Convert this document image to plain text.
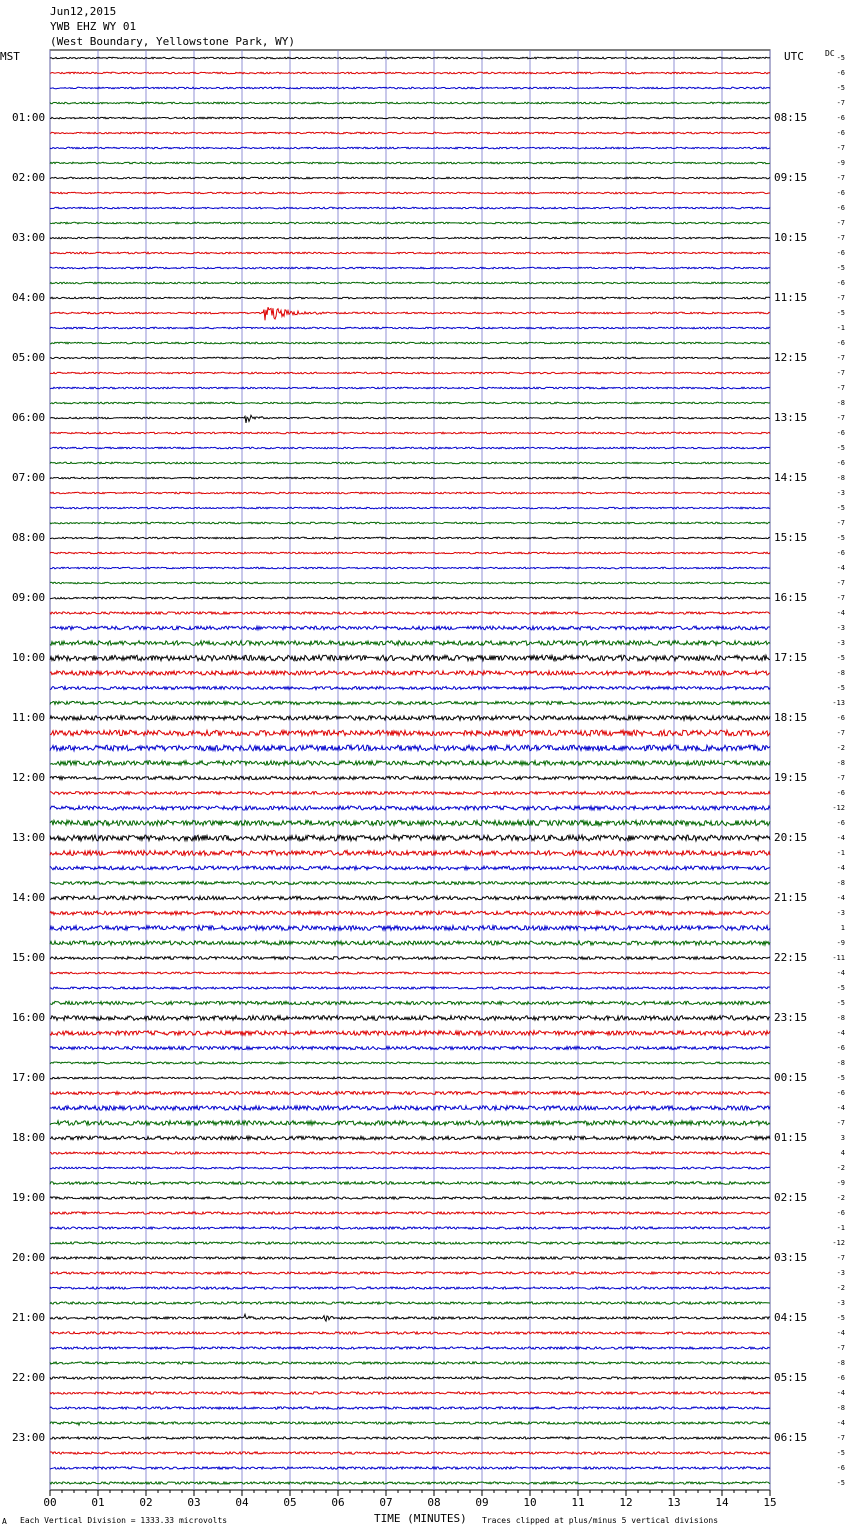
Jun12,2015
YWB EHZ WY 01
(West Boundary, Yellowstone Park, WY)
MST	UTC	DC
00	01	02	03	04	05	06	07	08	09	10	11	12	13	14	15
-5
-6
-5
-7
-6
-6
-7
-9
-7
-6
-6
-7
-7
-6
-5
-6
-7
-5
-1
-6
-7
-7
-7
-8
-7
-6
-5
-6
-8
-3
-5
-7
-5
-6
-4
-7
-7
-4
-3
-3
-5
-8
-5
-13
-6
-7
-2
-8
-7
-6
-12
-6
-4
-1
-4
-8
-4
-3
1
-9
-11
-4
-5
-5
-8
-4
-6
-8
-5
-6
-4
-7
3
4
-2
-9
-2
-6
-1
-12
-7
-3
-2
-3
-5
-4
-7
-8
-6
-4
-8
-4
-7
-5
-6
-5
01:00
02:00
03:00
04:00
05:00
06:00
07:00
08:00
09:00
10:00
11:00
12:00
13:00
14:00
15:00
16:00
17:00
18:00
19:00
20:00
21:00
22:00
23:00
08:15
09:15
10:15
11:15
12:15
13:15
14:15
15:15
16:15
17:15
18:15
19:15
20:15
21:15
22:15
23:15
00:15
01:15
02:15
03:15
04:15
05:15
06:15
A Each Vertical Division = 1333.33 microvolts	TIME (MINUTES) Traces clipped at plus/minus 5 vertical divisions
